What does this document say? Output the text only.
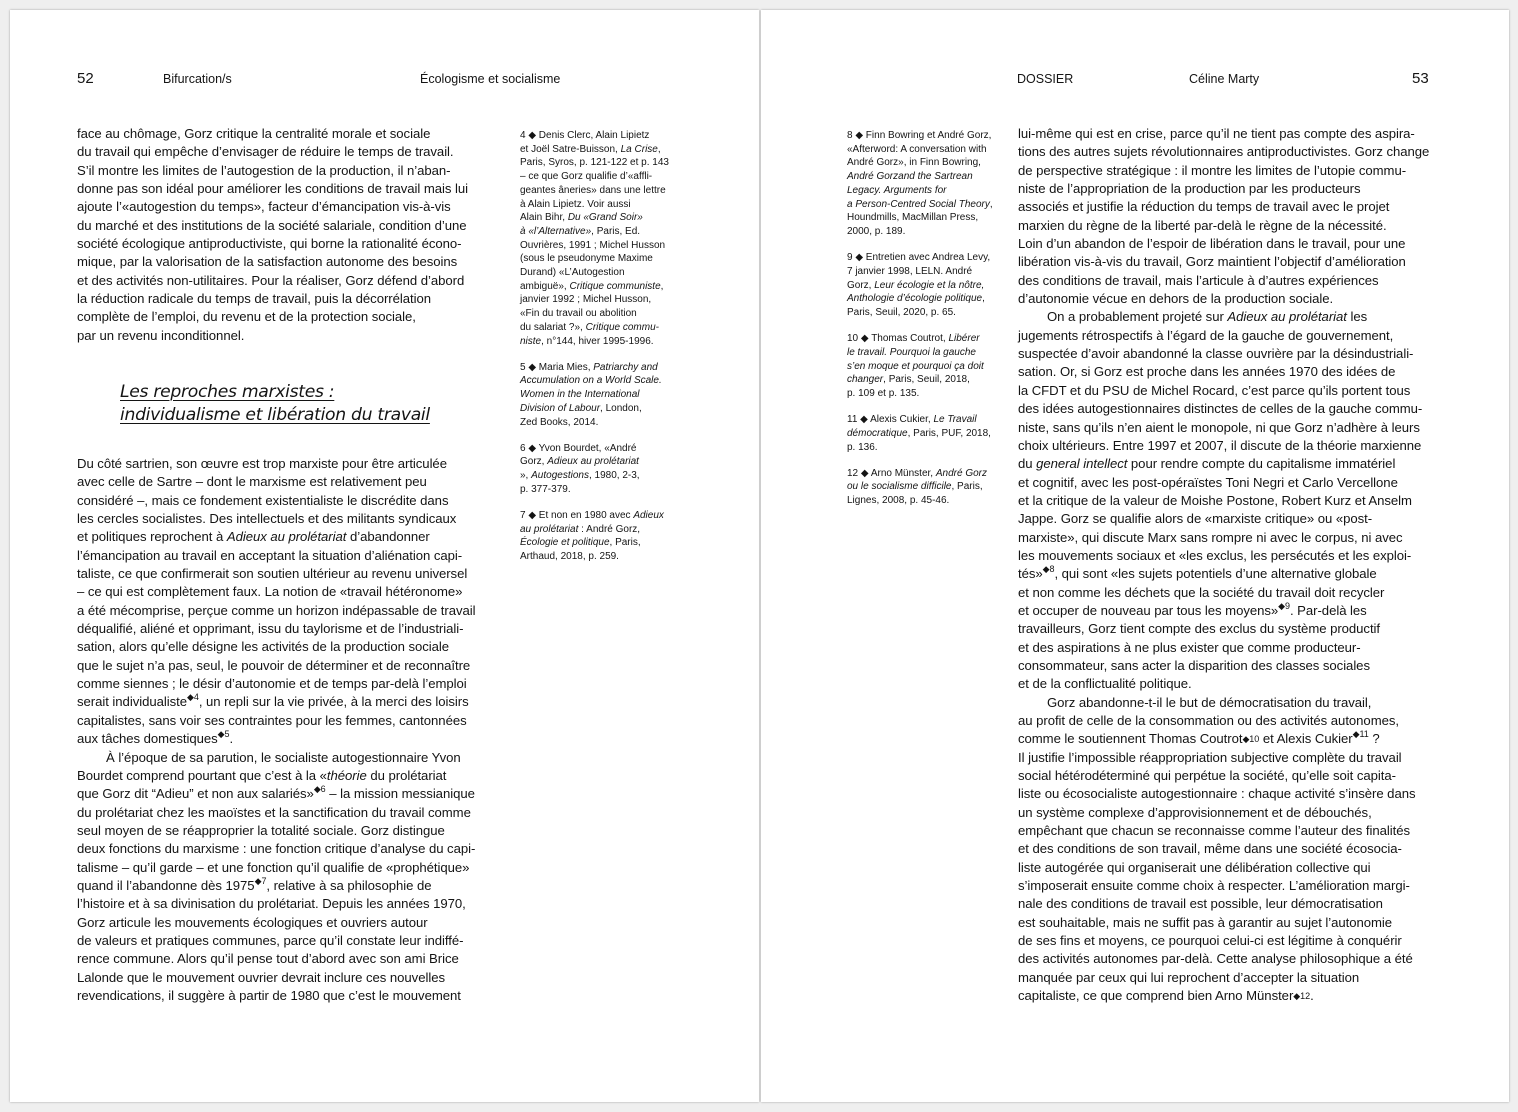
52	Bifurcation/s	Écologisme et socialisme

face au chômage, Gorz critique la centralité morale et sociale
du travail qui empêche d’envisager de réduire le temps de travail.
S’il montre les limites de l’autogestion de la production, il n’aban-
donne pas son idéal pour améliorer les conditions de travail mais lui
ajoute l’«autogestion du temps», facteur d’émancipation vis-à-vis
du marché et des institutions de la société salariale, condition d’une
société écologique antiproductiviste, qui borne la rationalité écono-
mique, par la valorisation de la satisfaction autonome des besoins
et des activités non-utilitaires. Pour la réaliser, Gorz défend d’abord
la réduction radicale du temps de travail, puis la décorrélation
complète de l’emploi, du revenu et de la protection sociale,
par un revenu inconditionnel.

Les reproches marxistes :
individualisme et libération du travail

Du côté sartrien, son œuvre est trop marxiste pour être articulée
avec celle de Sartre – dont le marxisme est relativement peu
considéré –, mais ce fondement existentialiste le discrédite dans
les cercles socialistes. Des intellectuels et des militants syndicaux
et politiques reprochent à Adieux au prolétariat d’abandonner
l’émancipation au travail en acceptant la situation d’aliénation capi-
taliste, ce que confirmerait son soutien ultérieur au revenu universel
– ce qui est complètement faux. La notion de «travail hétéronome»
a été mécomprise, perçue comme un horizon indépassable de travail
déqualifié, aliéné et opprimant, issu du taylorisme et de l’industriali-
sation, alors qu’elle désigne les activités de la production sociale
que le sujet n’a pas, seul, le pouvoir de déterminer et de reconnaître
comme siennes ; le désir d’autonomie et de temps par-delà l’emploi
serait individualiste$^{◆4}$, un repli sur la vie privée, à la merci des loisirs
capitalistes, sans voir ses contraintes pour les femmes, cantonnées
aux tâches domestiques$^{◆5}$.

À l’époque de sa parution, le socialiste autogestionnaire Yvon
Bourdet comprend pourtant que c’est à la «théorie du prolétariat
que Gorz dit “Adieu” et non aux salariés»$^{◆6}$ – la mission messianique
du prolétariat chez les maoïstes et la sanctification du travail comme
seul moyen de se réapproprier la totalité sociale. Gorz distingue
deux fonctions du marxisme : une fonction critique d’analyse du capi-
talisme – qu’il garde – et une fonction qu’il qualifie de «prophétique»
quand il l’abandonne dès $1975^{◆7}$, relative à sa philosophie de
l’histoire et à sa divinisation du prolétariat. Depuis les années 1970,
Gorz articule les mouvements écologiques et ouvriers autour
de valeurs et pratiques communes, parce qu’il constate leur indiffé-
rence commune. Alors qu’il pense tout d’abord avec son ami Brice
Lalonde que le mouvement ouvrier devrait inclure ces nouvelles
revendications, il suggère à partir de 1980 que c’est le mouvement

4 ◆ Denis Clerc, Alain Lipietz
et Joël Satre-Buisson, La Crise,
Paris, Syros, p. 121-122 et p. 143
– ce que Gorz qualifie d’«affli-
geantes âneries» dans une lettre
à Alain Lipietz. Voir aussi
Alain Bihr, Du «Grand Soir»
à «l’Alternative», Paris, Ed.
Ouvrières, 1991 ; Michel Husson
(sous le pseudonyme Maxime
Durand) «L’Autogestion
ambiguë», Critique communiste,
janvier 1992 ; Michel Husson,
«Fin du travail ou abolition
du salariat ?», Critique commu-
niste, n°144, hiver 1995-1996.
5 ◆ Maria Mies, Patriarchy and
Accumulation on a World Scale.
Women in the International
Division of Labour, London,
Zed Books, 2014.
6 ◆ Yvon Bourdet, «André
Gorz, Adieux au prolétariat
», Autogestions, 1980, 2-3,
p. 377-379.
7 ◆ Et non en 1980 avec Adieux
au prolétariat : André Gorz,
Écologie et politique, Paris,
Arthaud, 2018, p. 259.
DOSSIER	Céline Marty	53
8 ◆ Finn Bowring et André Gorz,
«Afterword: A conversation with
André Gorz», in Finn Bowring,
André Gorzand the Sartrean
Legacy. Arguments for
a Person-Centred Social Theory,
Houndmills, MacMillan Press,
2000, p. 189.
9 ◆ Entretien avec Andrea Levy,
7 janvier 1998, LELN. André
Gorz, Leur écologie et la nôtre,
Anthologie d’écologie politique,
Paris, Seuil, 2020, p. 65.
10 ◆ Thomas Coutrot, Libérer
le travail. Pourquoi la gauche
s’en moque et pourquoi ça doit
changer, Paris, Seuil, 2018,
p. 109 et p. 135.
11 ◆ Alexis Cukier, Le Travail
démocratique, Paris, PUF, 2018,
p. 136.
12 ◆ Arno Münster, André Gorz
ou le socialisme difficile, Paris,
Lignes, 2008, p. 45-46.

lui-même qui est en crise, parce qu’il ne tient pas compte des aspira-
tions des autres sujets révolutionnaires antiproductivistes. Gorz change
de perspective stratégique : il montre les limites de l’utopie commu-
niste de l’appropriation de la production par les producteurs
associés et justifie la réduction du temps de travail avec le projet
marxien du règne de la liberté par-delà le règne de la nécessité.
Loin d’un abandon de l’espoir de libération dans le travail, pour une
libération vis-à-vis du travail, Gorz maintient l’objectif d’amélioration
des conditions de travail, mais l’articule à d’autres expériences
d’autonomie vécue en dehors de la production sociale.

On a probablement projeté sur Adieux au prolétariat les
jugements rétrospectifs à l’égard de la gauche de gouvernement,
suspectée d’avoir abandonné la classe ouvrière par la désindustriali-
sation. Or, si Gorz est proche dans les années 1970 des idées de
la CFDT et du PSU de Michel Rocard, c’est parce qu’ils portent tous
des idées autogestionnaires distinctes de celles de la gauche commu-
niste, sans qu’ils n’en aient le monopole, ni que Gorz n’adhère à leurs
choix ultérieurs. Entre 1997 et 2007, il discute de la théorie marxienne
du general intellect pour rendre compte du capitalisme immatériel
et cognitif, avec les post-opéraïstes Toni Negri et Carlo Vercellone
et la critique de la valeur de Moishe Postone, Robert Kurz et Anselm
Jappe. Gorz se qualifie alors de «marxiste critique» ou «post-
marxiste», qui discute Marx sans rompre ni avec le corpus, ni avec
les mouvements sociaux et «les exclus, les persécutés et les exploi-
tés»$^{◆8}$, qui sont «les sujets potentiels d’une alternative globale
et non comme les déchets que la société du travail doit recycler
et occuper de nouveau par tous les moyens»$^{◆9}$. Par-delà les
travailleurs, Gorz tient compte des exclus du système productif
et des aspirations à ne plus exister que comme producteur-
consommateur, sans acter la disparition des classes sociales
et de la conflictualité politique.

Gorz abandonne-t-il le but de démocratisation du travail,
au profit de celle de la consommation ou des activités autonomes,
comme le soutiennent Thomas Coutrot◆10 et Alexis Cukier$^{◆11}$ ?
Il justifie l’impossible réappropriation subjective complète du travail
social hétérodéterminé qui perpétue la société, qu’elle soit capita-
liste ou écosocialiste autogestionnaire : chaque activité s’insère dans
un système complexe d’approvisionnement et de débouchés,
empêchant que chacun se reconnaisse comme l’auteur des finalités
et des conditions de son travail, même dans une société écosocia-
liste autogérée qui organiserait une délibération collective qui
s’imposerait ensuite comme choix à respecter. L’amélioration margi-
nale des conditions de travail est possible, leur démocratisation
est souhaitable, mais ne suffit pas à garantir au sujet l’autonomie
de ses fins et moyens, ce pourquoi celui-ci est légitime à conquérir
des activités autonomes par-delà. Cette analyse philosophique a été
manquée par ceux qui lui reprochent d’accepter la situation
capitaliste, ce que comprend bien Arno Münster◆12.
